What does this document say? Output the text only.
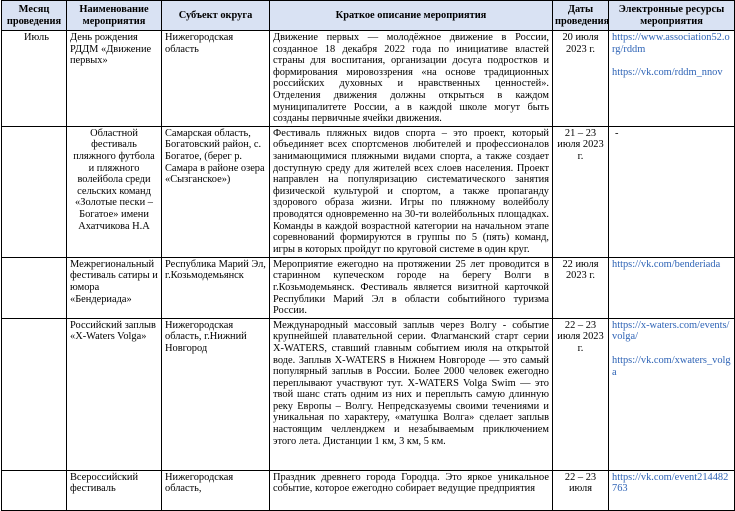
Месяц проведения	Наименование мероприятия	Субъект округа	Краткое описание мероприятия	Даты проведения	Электронные ресурсы мероприятия
Июль	День рождения РДДМ «Движение первых»	Нижегородская область	Движение первых — молодёжное движение в России, созданное 18 декабря 2022 года по инициативе властей страны для воспитания, организации досуга подростков и формирования мировоззрения «на основе традиционных российских духовных и нравственных ценностей». Отделения движения должны открыться в каждом муниципалитете России, а в каждой школе могут быть созданы первичные ячейки движения.	20 июля 2023 г.	https://www.association52.org/rddm
https://vk.com/rddm_nnov

	Областной фестиваль пляжного футбола и пляжного волейбола среди сельских команд «Золотые пески – Богатое» имени Ахатчикова Н.А	Самарская область, Богатовский район, с. Богатое, (берег р. Самара в районе озера «Сызганское»)	Фестиваль пляжных видов спорта – это проект, который объединяет всех спортсменов любителей и профессионалов занимающимися пляжными видами спорта, а также создает доступную среду для жителей всех слоев населения. Проект направлен на популяризацию систематического занятия физической культурой и спортом, а также пропаганду здорового образа жизни. Игры по пляжному волейболу проводятся одновременно на 30-ти волейбольных площадках. Команды в каждой возрастной категории на начальном этапе соревнований формируются в группы по 5 (пять) команд, игры в которых пройдут по круговой системе в один круг.	21 – 23 июля 2023 г.	-
	Межрегиональный фестиваль сатиры и юмора «Бендериада»	Республика Марий Эл, г.Козьмодемьянск	Мероприятие ежегодно на протяжении 25 лет проводится в старинном купеческом городе на берегу Волги в г.Козьмодемьянск. Фестиваль является визитной карточкой Республики Марий Эл в области событийного туризма России.	22 июля 2023 г.	https://vk.com/benderiada

	Российский заплыв «X-Waters Volga»	Нижегородская область, г.Нижний Новгород	Международный массовый заплыв через Волгу - событие крупнейшей плавательной серии. Флагманский старт серии X-WATERS, ставший главным событием июля на открытой воде. Заплыв X-WATERS в Нижнем Новгороде — это самый популярный заплыв в России. Более 2000 человек ежегодно переплывают участвуют тут. X-WATERS Volga Swim — это твой шанс стать одним из них и переплыть самую длинную реку Европы – Волгу. Непредсказуемы своими течениями и уникальная по характеру, «матушка Волга» сделает заплыв настоящим челленджем и незабываемым приключением этого лета. Дистанции 1 км, 3 км, 5 км.	22 – 23 июля 2023 г.	https://x-waters.com/events/volga/
https://vk.com/xwaters_volga

	Всероссийский фестиваль	Нижегородская область,	Праздник древнего города Городца. Это яркое уникальное событие, которое ежегодно собирает ведущие предприятия	22 – 23 июля	https://vk.com/event214482763
